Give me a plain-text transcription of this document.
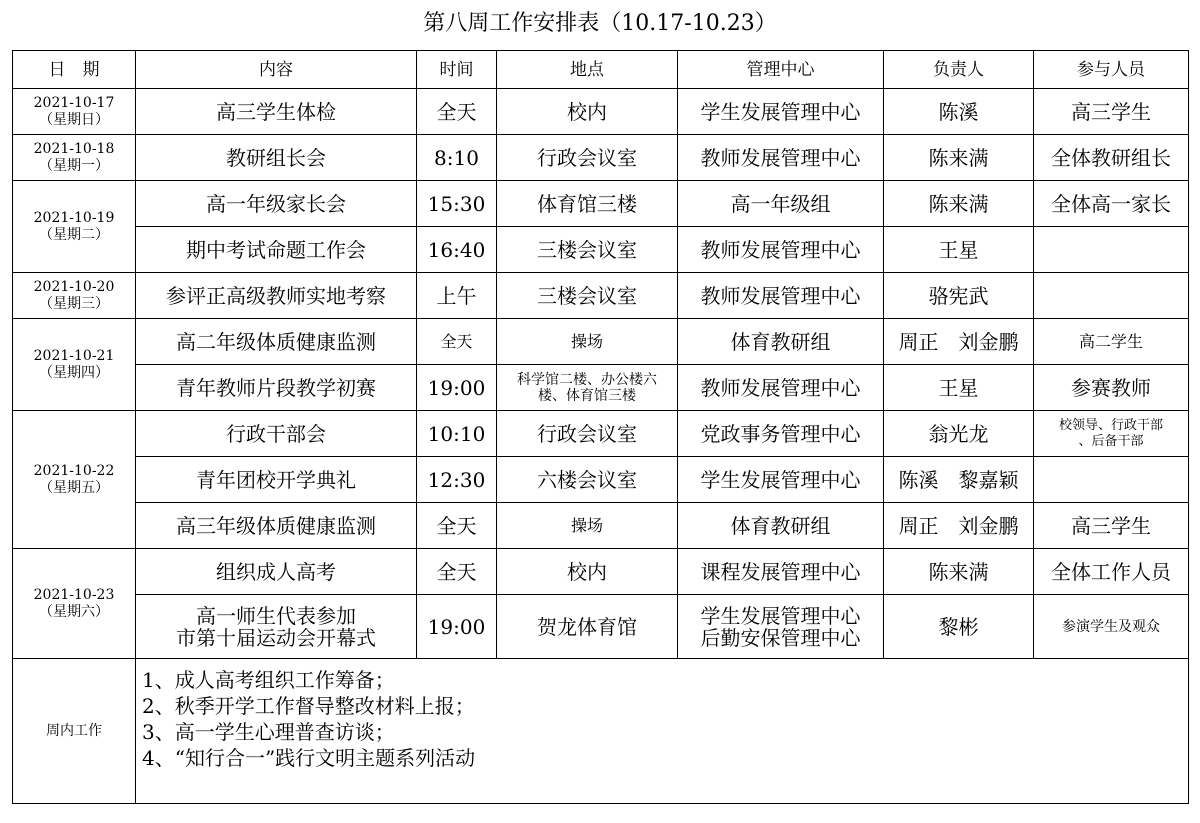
第八周工作安排表（10.17-10.23）
日　期	内容	时间	地点	管理中心	负责人	参与人员

2021-10-17
（星期日）	高三学生体检	全天	校内	学生发展管理中心	陈溪	高三学生

2021-10-18
（星期一）	教研组长会	8:10	行政会议室	教师发展管理中心	陈来满	全体教研组长

2021-10-19
（星期二）	高一年级家长会	15:30	体育馆三楼	高一年级组	陈来满	全体高一家长
	期中考试命题工作会	16:40	三楼会议室	教师发展管理中心	王星	

2021-10-20
（星期三）	参评正高级教师实地考察	上午	三楼会议室	教师发展管理中心	骆宪武	

2021-10-21
（星期四）	高二年级体质健康监测	全天	操场	体育教研组	周正　刘金鹏	高二学生
	青年教师片段教学初赛	19:00	科学馆二楼、办公楼六
楼、体育馆三楼	教师发展管理中心	王星	参赛教师

2021-10-22
（星期五）	行政干部会	10:10	行政会议室	党政事务管理中心	翁光龙	校领导、行政干部
、后备干部

	青年团校开学典礼	12:30	六楼会议室	学生发展管理中心	陈溪　黎嘉颖	
	高三年级体质健康监测	全天	操场	体育教研组	周正　刘金鹏	高三学生

2021-10-23
（星期六）	组织成人高考	全天	校内	课程发展管理中心	陈来满	全体工作人员

	高一师生代表参加
市第十届运动会开幕式	19:00	贺龙体育馆	学生发展管理中心
后勤安保管理中心	黎彬	参演学生及观众
周内工作	1、成人高考组织工作筹备；
2、秋季开学工作督导整改材料上报；
3、高一学生心理普查访谈；
4、“知行合一”践行文明主题系列活动					
